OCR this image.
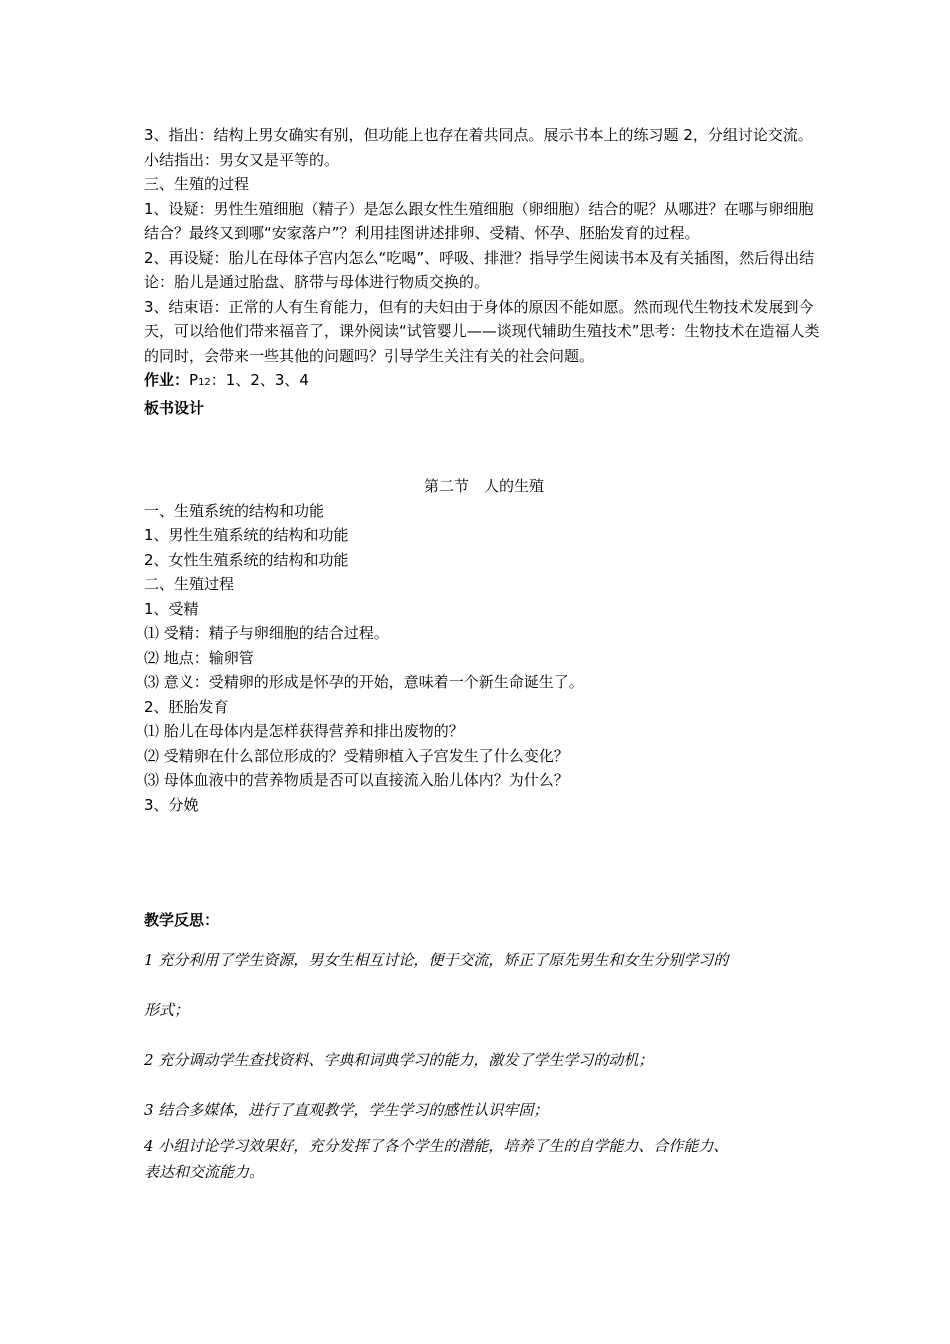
3、指出：结构上男女确实有别，但功能上也存在着共同点。展示书本上的练习题 2，分组讨论交流。小结指出：男女又是平等的。

三、生殖的过程

1、设疑：男性生殖细胞（精子）是怎么跟女性生殖细胞（卵细胞）结合的呢？从哪进？在哪与卵细胞结合？最终又到哪“安家落户”？利用挂图讲述排卵、受精、怀孕、胚胎发育的过程。

2、再设疑：胎儿在母体子宫内怎么“吃喝”、呼吸、排泄？指导学生阅读书本及有关插图，然后得出结论：胎儿是通过胎盘、脐带与母体进行物质交换的。

3、结束语：正常的人有生育能力，但有的夫妇由于身体的原因不能如愿。然而现代生物技术发展到今天，可以给他们带来福音了，课外阅读“试管婴儿——谈现代辅助生殖技术”思考：生物技术在造福人类的同时，会带来一些其他的问题吗？引导学生关注有关的社会问题。

作业：P12：1、2、3、4

板书设计

第二节　人的生殖

一、生殖系统的结构和功能

1、男性生殖系统的结构和功能

2、女性生殖系统的结构和功能

二、生殖过程

1、受精

⑴ 受精：精子与卵细胞的结合过程。

⑵ 地点：输卵管

⑶ 意义：受精卵的形成是怀孕的开始，意味着一个新生命诞生了。

2、胚胎发育

⑴ 胎儿在母体内是怎样获得营养和排出废物的？

⑵ 受精卵在什么部位形成的？受精卵植入子宫发生了什么变化？

⑶ 母体血液中的营养物质是否可以直接流入胎儿体内？为什么？

3、分娩

教学反思：

1 充分利用了学生资源，男女生相互讨论，便于交流，矫正了原先男生和女生分别学习的

形式；

2 充分调动学生查找资料、字典和词典学习的能力，激发了学生学习的动机；

3 结合多媒体，进行了直观教学，学生学习的感性认识牢固；

4 小组讨论学习效果好，充分发挥了各个学生的潜能，培养了生的自学能力、合作能力、

表达和交流能力。
